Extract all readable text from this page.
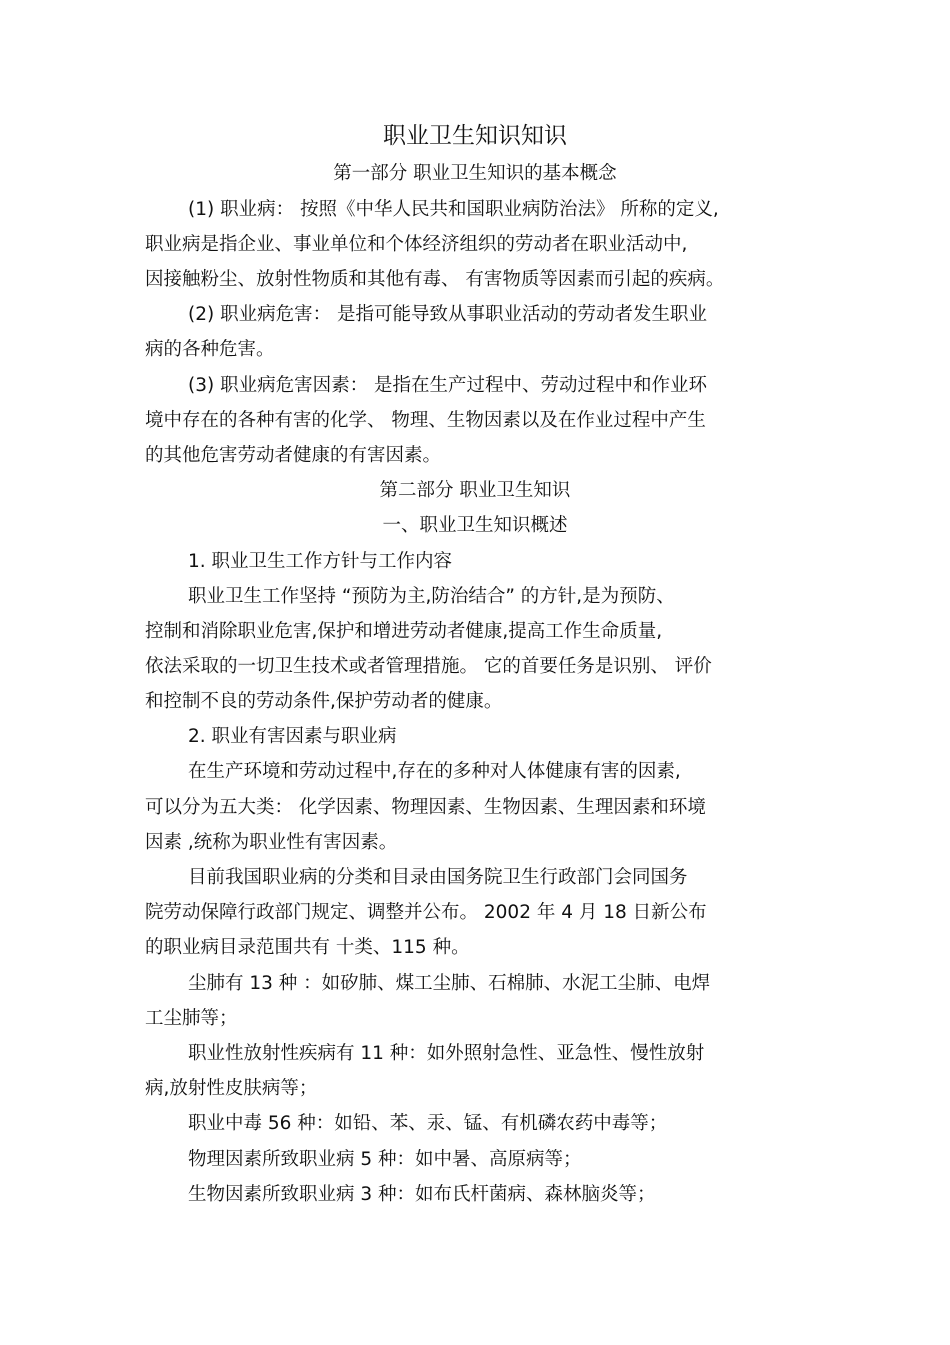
职业卫生知识知识
第一部分 职业卫生知识的基本概念
(1) 职业病： 按照《中华人民共和国职业病防治法》 所称的定义,
职业病是指企业、事业单位和个体经济组织的劳动者在职业活动中,
因接触粉尘、放射性物质和其他有毒、 有害物质等因素而引起的疾病。
(2) 职业病危害： 是指可能导致从事职业活动的劳动者发生职业
病的各种危害。
(3) 职业病危害因素： 是指在生产过程中、劳动过程中和作业环
境中存在的各种有害的化学、 物理、生物因素以及在作业过程中产生
的其他危害劳动者健康的有害因素。
第二部分 职业卫生知识
一、职业卫生知识概述
1. 职业卫生工作方针与工作内容
职业卫生工作坚持 “预防为主,防治结合” 的方针,是为预防、
控制和消除职业危害,保护和增进劳动者健康,提高工作生命质量,
依法采取的一切卫生技术或者管理措施。 它的首要任务是识别、 评价
和控制不良的劳动条件,保护劳动者的健康。
2. 职业有害因素与职业病
在生产环境和劳动过程中,存在的多种对人体健康有害的因素,
可以分为五大类： 化学因素、物理因素、生物因素、生理因素和环境
因素 ,统称为职业性有害因素。
目前我国职业病的分类和目录由国务院卫生行政部门会同国务
院劳动保障行政部门规定、调整并公布。 2002 年 4 月 18 日新公布
的职业病目录范围共有 十类、115 种。
尘肺有 13 种 ：如矽肺、煤工尘肺、石棉肺、水泥工尘肺、电焊
工尘肺等；
职业性放射性疾病有 11 种：如外照射急性、亚急性、慢性放射
病,放射性皮肤病等；
职业中毒 56 种：如铅、苯、汞、锰、有机磷农药中毒等；
物理因素所致职业病 5 种：如中暑、高原病等；
生物因素所致职业病 3 种：如布氏杆菌病、森林脑炎等；
